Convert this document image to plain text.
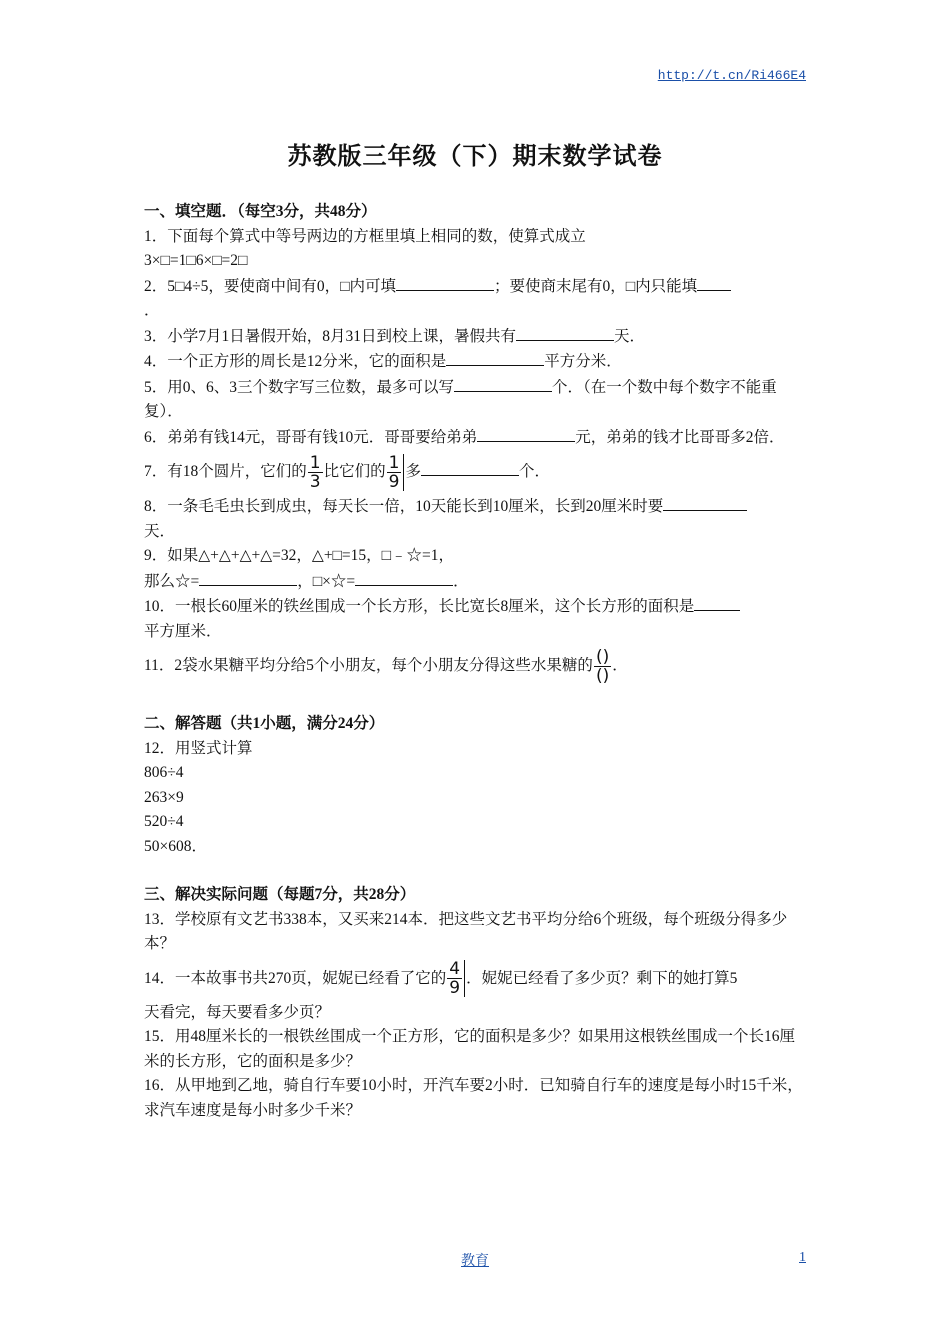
http://t.cn/Ri466E4
苏教版三年级（下）期末数学试卷

一、填空题．（每空3分，共48分）

1．下面每个算式中等号两边的方框里填上相同的数，使算式成立

3×□=1□6×□=2□

2．5□4÷5，要使商中间有0，□内可填	；要使商末尾有0，□内只能填

．

3．小学7月1日暑假开始，8月31日到校上课，暑假共有	天．

4．一个正方形的周长是12分米，它的面积是	平方分米．

5．用0、6、3三个数字写三位数，最多可以写	个．（在一个数中每个数字不能重复）．

6．弟弟有钱14元，哥哥有钱10元．哥哥要给弟弟	元，弟弟的钱才比哥哥多2倍．

7．有18个圆片，它们的 $\frac{1}{3}$ 比它们的 $\frac{1}{9}$ 多	个．

8．一条毛毛虫长到成虫，每天长一倍，10天能长到10厘米，长到20厘米时要

天．

9．如果△+△+△+△=32，△+□=15，□﹣☆=1，

那么☆=	，□×☆=	．

10．一根长60厘米的铁丝围成一个长方形，长比宽长8厘米，这个长方形的面积是

平方厘米．

11．2袋水果糖平均分给5个小朋友，每个小朋友分得这些水果糖的 $\frac{()}{()}$ ．

二、解答题（共1小题，满分24分）

12．用竖式计算

806÷4

263×9

520÷4

50×608．

三、解决实际问题（每题7分，共28分）

13．学校原有文艺书338本，又买来214本．把这些文艺书平均分给6个班级，每个班级分得多少本？

14．一本故事书共270页，妮妮已经看了它的 $\frac{4}{9}$ ．妮妮已经看了多少页？剩下的她打算5

天看完，每天要看多少页？

15．用48厘米长的一根铁丝围成一个正方形，它的面积是多少？如果用这根铁丝围成一个长16厘米的长方形，它的面积是多少？

16．从甲地到乙地，骑自行车要10小时，开汽车要2小时．已知骑自行车的速度是每小时15千米，求汽车速度是每小时多少千米？

教育	1
